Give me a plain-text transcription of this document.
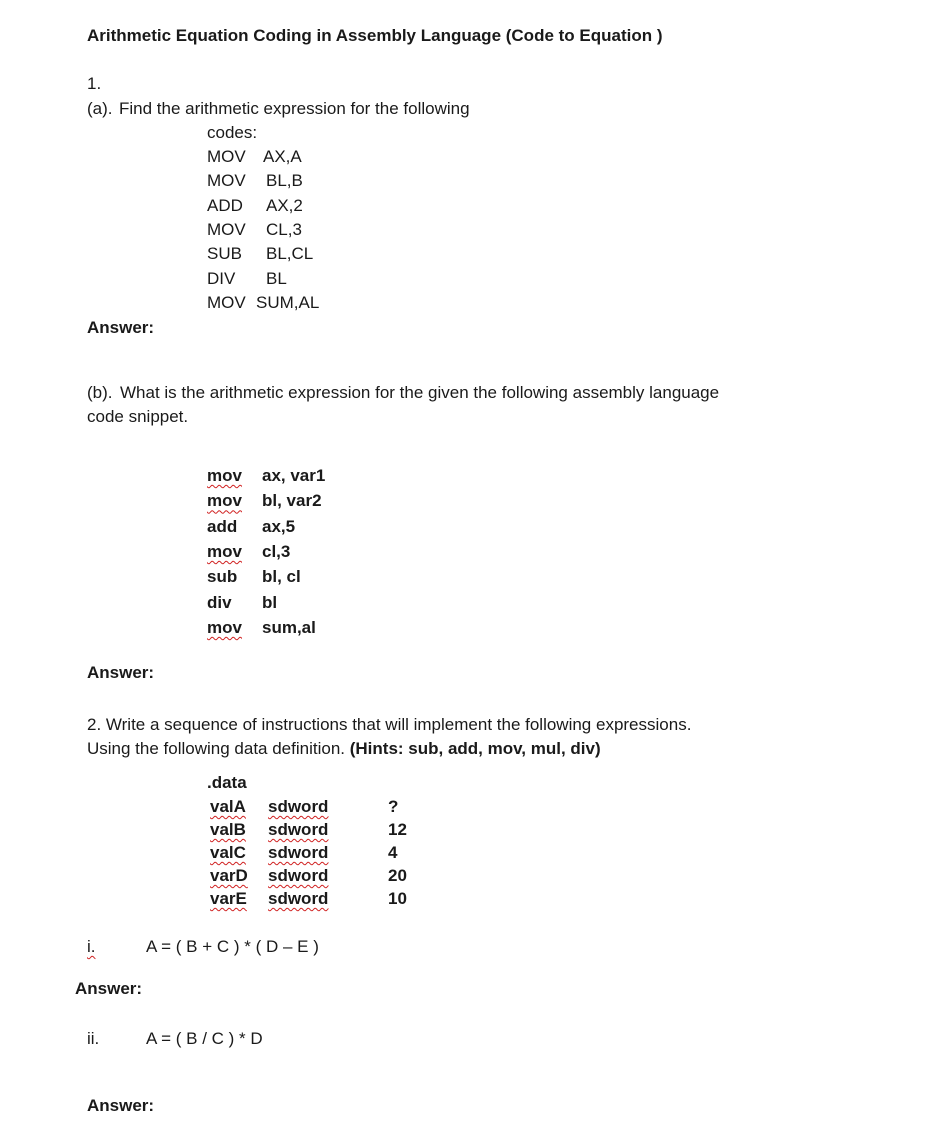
Arithmetic Equation Coding in Assembly Language (Code to Equation )
1.
(a). Find the arithmetic expression for the following
codes:
MOV AX,A
MOV BL,B
ADD AX,2
MOV CL,3
SUB BL,CL
DIV BL
MOV SUM,AL
Answer:
(b). What is the arithmetic expression for the given the following assembly language
code snippet.
mov ax, var1
mov bl, var2
add ax,5
mov cl,3
sub bl, cl
div bl
mov sum,al
Answer:
2. Write a sequence of instructions that will implement the following expressions.
Using the following data definition. (Hints: sub, add, mov, mul, div)
.data
valA sdword	?
valB sdword	12
valC sdword	4
varD sdword	20
varE sdword	10
i.	A = ( B + C ) * ( D – E )
Answer:
ii.	A = ( B / C ) * D
Answer:
